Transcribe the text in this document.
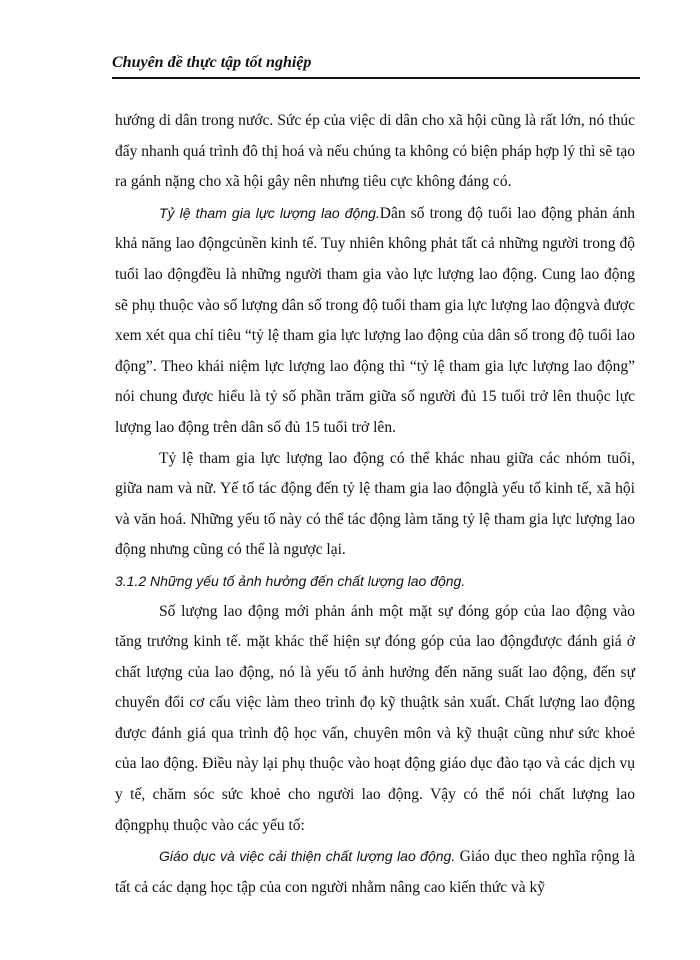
Chuyên đề thực tập tốt nghiệp

hướng di dân trong nước. Sức ép của việc di dân cho xã hội cũng là rất lớn, nó thúc đẩy nhanh quá trình đô thị hoá và nếu chúng ta không có biện pháp hợp lý thì sẽ tạo ra gánh nặng cho xã hội gây nên nhưng tiêu cực không đáng có.

Tỷ lệ tham gia lực lượng lao động.Dân số trong độ tuổi lao động phản ánh khả năng lao độngcủnền kinh tế. Tuy nhiên không phảt tất cả những người trong độ tuổi lao độngđều là những người tham gia vào lực lượng lao động. Cung lao động sẽ phụ thuộc vào số lượng dân số trong độ tuổi tham gia lực lượng lao độngvà được xem xét qua chỉ tiêu “tỷ lệ tham gia lực lượng lao động của dân số trong độ tuổi lao động”. Theo khái niệm lực lượng lao động thì “tỷ lệ tham gia lực lượng lao động” nói chung được hiểu là tỷ số phần trăm giữa số người đủ 15 tuổi trở lên thuộc lực lượng lao động trên dân số đủ 15 tuổi trở lên.

Tỷ lệ tham gia lực lượng lao động có thể khác nhau giữa các nhóm tuổi, giữa nam và nữ. Yế tố tác động đến tỷ lệ tham gia lao độnglà yếu tố kinh tế, xã hội và văn hoá. Những yếu tố này có thể tác động làm tăng tỷ lệ tham gia lực lượng lao động nhưng cũng có thể là ngược lại.

3.1.2 Những yếu tố ảnh hưởng đến chất lượng lao động.

Số lượng lao động mới phản ánh một mặt sự đóng góp của lao động vào tăng trưởng kinh tế. mặt khác thể hiện sự đóng góp của lao độngđược đánh giá ở chất lượng của lao động, nó là yếu tố ảnh hưởng đến năng suất lao động, đến sự chuyển đổi cơ cấu việc làm theo trình đọ kỹ thuậtk sản xuất. Chất lượng lao động được đánh giá qua trình độ học vấn, chuyên môn và kỹ thuật cũng như sức khoẻ của lao động. Điều này lại phụ thuộc vào hoạt động giáo dục đào tạo và các dịch vụ y tế, chăm sóc sức khoẻ cho người lao động. Vậy có thể nói chất lượng lao độngphụ thuộc vào các yếu tố:

Giáo dục và việc cải thiện chất lượng lao động. Giáo dục theo nghĩa rộng là tất cả các dạng học tập của con người nhằm nâng cao kiến thức và kỹ
